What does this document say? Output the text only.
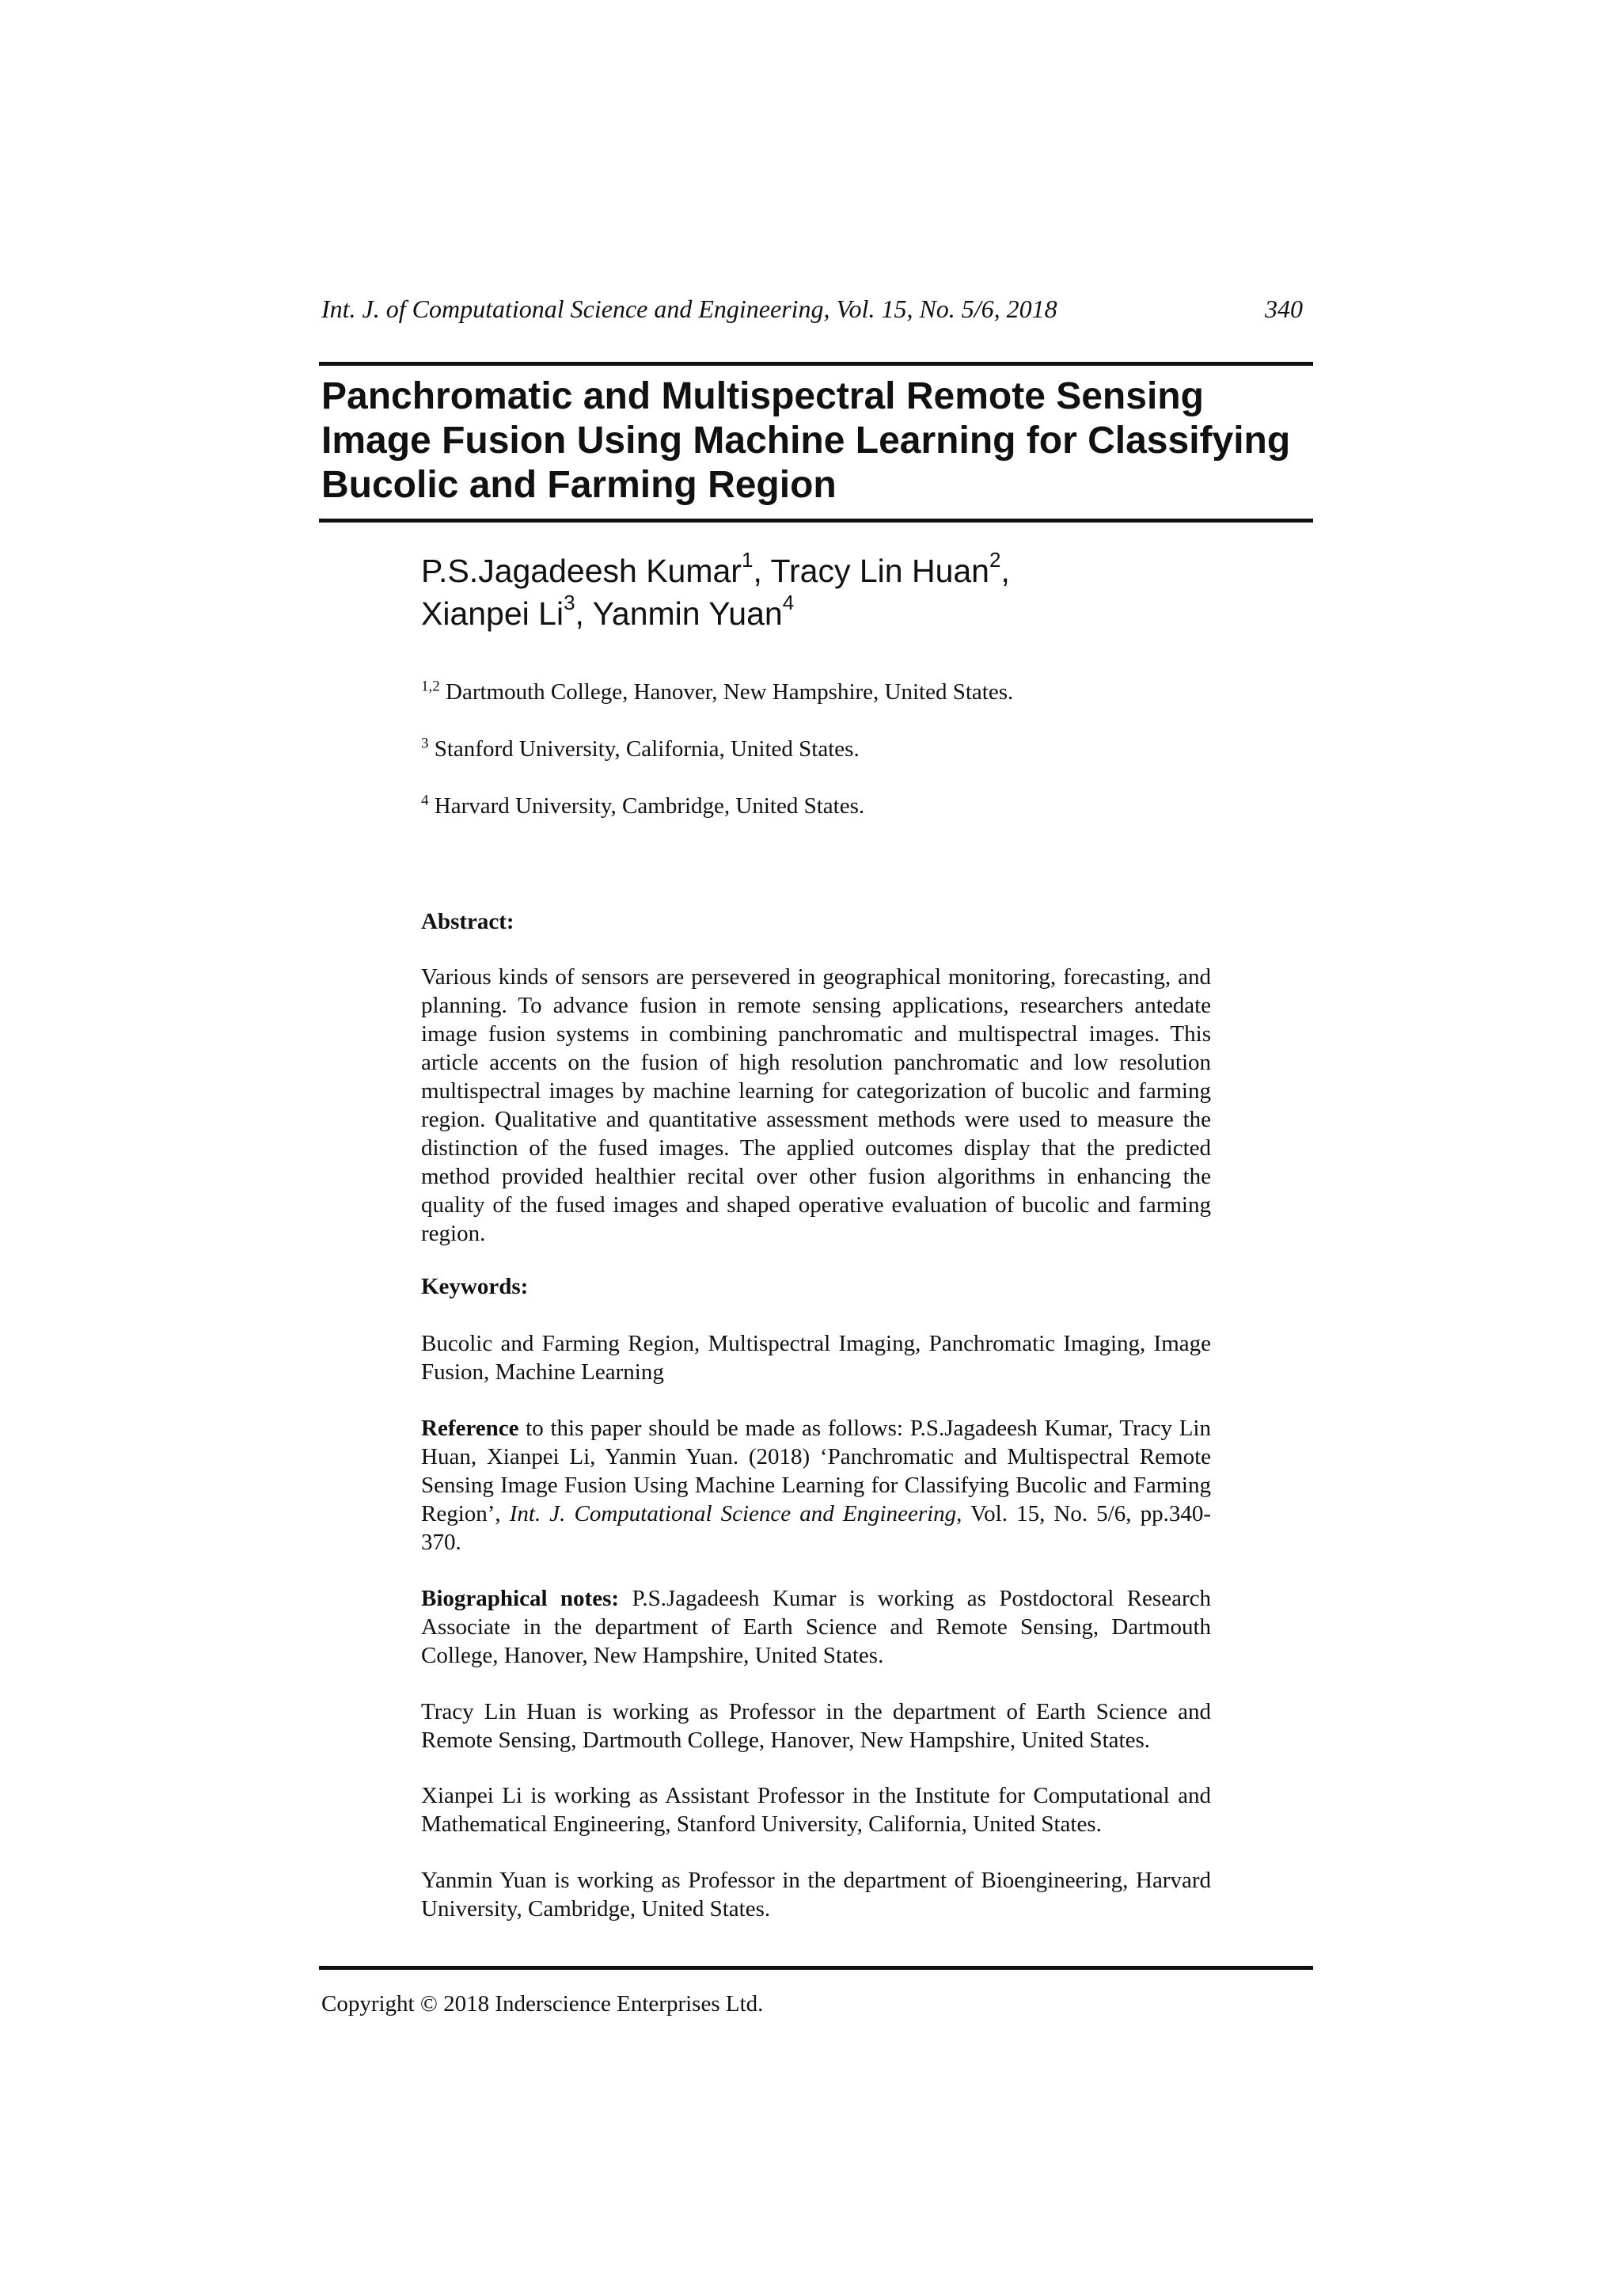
Int. J. of Computational Science and Engineering, Vol. 15, No. 5/6, 2018	340
Panchromatic and Multispectral Remote Sensing Image Fusion Using Machine Learning for Classifying Bucolic and Farming Region
P.S.Jagadeesh Kumar$^1$, Tracy Lin Huan$^2$,
Xianpei Li$^3$, Yanmin Yuan$^4$
$^{1,2}$ Dartmouth College, Hanover, New Hampshire, United States.
$^3$ Stanford University, California, United States.
$^4$ Harvard University, Cambridge, United States.
Abstract:
Various kinds of sensors are persevered in geographical monitoring, forecasting, and planning. To advance fusion in remote sensing applications, researchers antedate image fusion systems in combining panchromatic and multispectral images. This article accents on the fusion of high resolution panchromatic and low resolution multispectral images by machine learning for categorization of bucolic and farming region. Qualitative and quantitative assessment methods were used to measure the distinction of the fused images. The applied outcomes display that the predicted method provided healthier recital over other fusion algorithms in enhancing the quality of the fused images and shaped operative evaluation of bucolic and farming region.
Keywords:
Bucolic and Farming Region, Multispectral Imaging, Panchromatic Imaging, Image Fusion, Machine Learning
Reference to this paper should be made as follows: P.S.Jagadeesh Kumar, Tracy Lin Huan, Xianpei Li, Yanmin Yuan. (2018) ‘Panchromatic and Multispectral Remote Sensing Image Fusion Using Machine Learning for Classifying Bucolic and Farming Region’, Int. J. Computational Science and Engineering, Vol. 15, No. 5/6, pp.340-370.
Biographical notes: P.S.Jagadeesh Kumar is working as Postdoctoral Research Associate in the department of Earth Science and Remote Sensing, Dartmouth College, Hanover, New Hampshire, United States.
Tracy Lin Huan is working as Professor in the department of Earth Science and Remote Sensing, Dartmouth College, Hanover, New Hampshire, United States.
Xianpei Li is working as Assistant Professor in the Institute for Computational and Mathematical Engineering, Stanford University, California, United States.
Yanmin Yuan is working as Professor in the department of Bioengineering, Harvard University, Cambridge, United States.
Copyright © 2018 Inderscience Enterprises Ltd.
